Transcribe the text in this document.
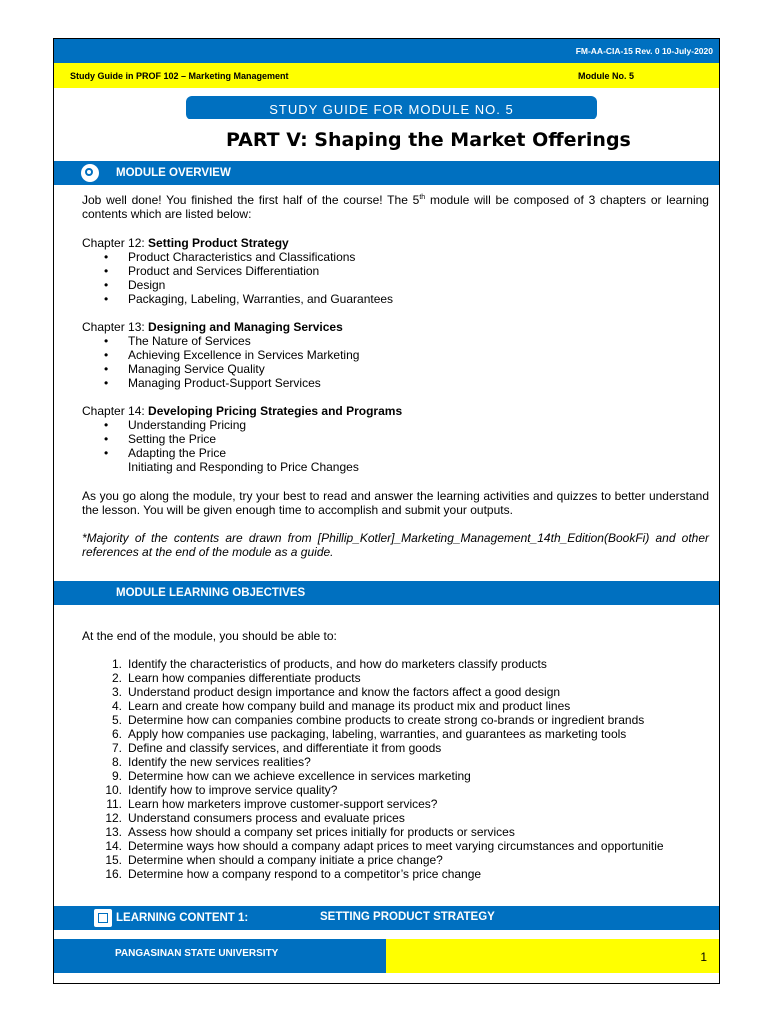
FM-AA-CIA-15 Rev. 0 10-July-2020
Study Guide in PROF 102 – Marketing Management	Module No. 5
STUDY GUIDE FOR MODULE NO. 5
PART V: Shaping the Market Offerings
MODULE OVERVIEW
Job well done! You finished the first half of the course! The 5th module will be composed of 3 chapters or learning contents which are listed below:
Chapter 12: Setting Product Strategy
• Product Characteristics and Classifications
• Product and Services Differentiation
• Design
• Packaging, Labeling, Warranties, and Guarantees
Chapter 13: Designing and Managing Services
• The Nature of Services
• Achieving Excellence in Services Marketing
• Managing Service Quality
• Managing Product-Support Services
Chapter 14: Developing Pricing Strategies and Programs
• Understanding Pricing
• Setting the Price
• Adapting the Price
Initiating and Responding to Price Changes
As you go along the module, try your best to read and answer the learning activities and quizzes to better understand the lesson. You will be given enough time to accomplish and submit your outputs.
*Majority of the contents are drawn from [Phillip_Kotler]_Marketing_Management_14th_Edition(BookFi) and other references at the end of the module as a guide.
MODULE LEARNING OBJECTIVES
At the end of the module, you should be able to:
1. Identify the characteristics of products, and how do marketers classify products
2. Learn how companies differentiate products
3. Understand product design importance and know the factors affect a good design
4. Learn and create how company build and manage its product mix and product lines
5. Determine how can companies combine products to create strong co-brands or ingredient brands
6. Apply how companies use packaging, labeling, warranties, and guarantees as marketing tools
7. Define and classify services, and differentiate it from goods
8. Identify the new services realities?
9. Determine how can we achieve excellence in services marketing
10. Identify how to improve service quality?
11. Learn how marketers improve customer-support services?
12. Understand consumers process and evaluate prices
13. Assess how should a company set prices initially for products or services
14. Determine ways how should a company adapt prices to meet varying circumstances and opportunitie
15. Determine when should a company initiate a price change?
16. Determine how a company respond to a competitor’s price change
LEARNING CONTENT 1:	SETTING PRODUCT STRATEGY
PANGASINAN STATE UNIVERSITY	1
